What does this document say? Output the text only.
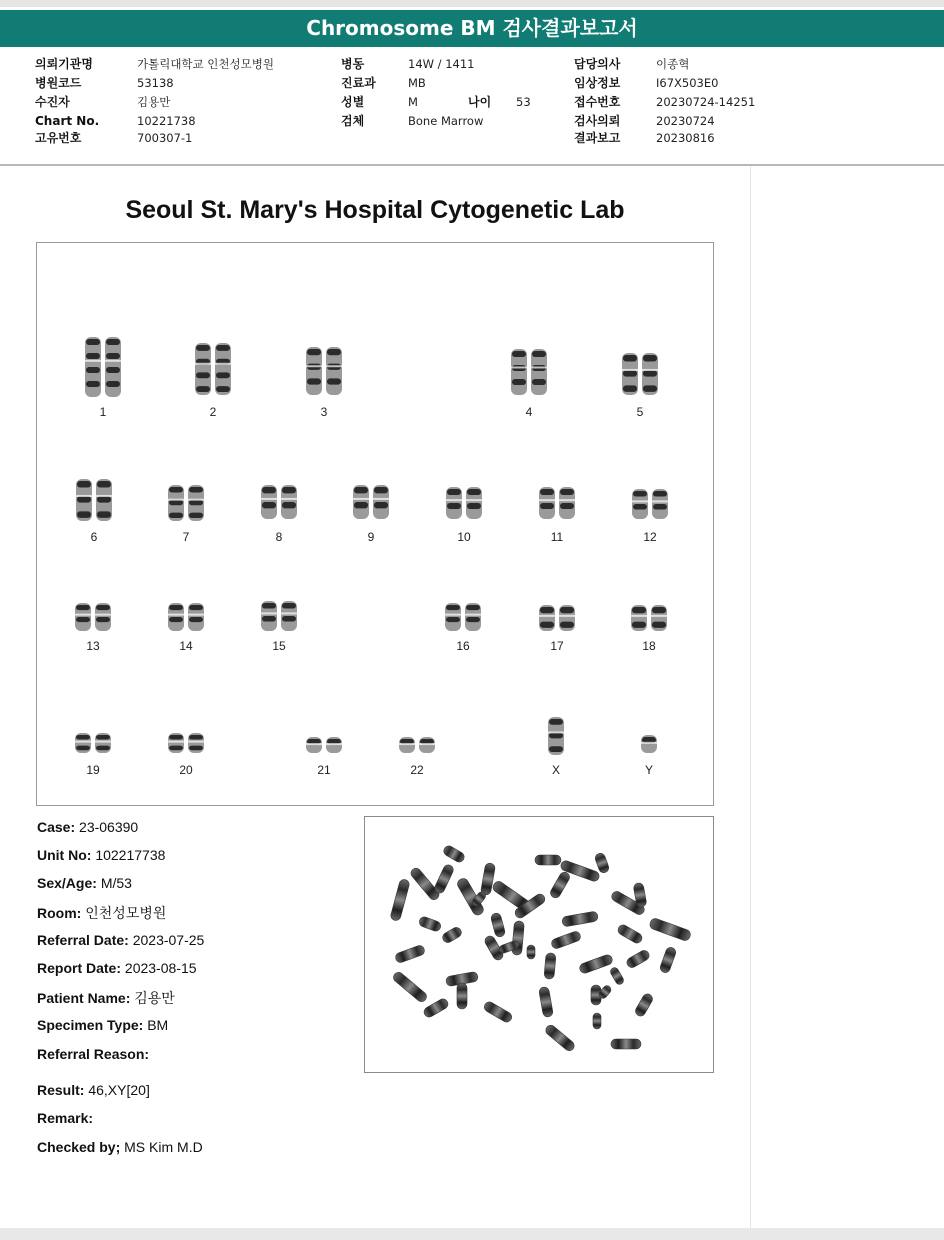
Chromosome BM 검사결과보고서
의뢰기관명	가톨릭대학교 인천성모병원
병원코드	53138
수진자	김용만
Chart No.	10221738
고유번호	700307-1
병동	14W / 1411
진료과	MB
성별	M	나이	53
검체	Bone Marrow
담당의사	이종혁
임상정보	I67X503E0
접수번호	20230724-14251
검사의뢰	20230724
결과보고	20230816
Seoul St. Mary's Hospital Cytogenetic Lab
1	2	3	4	5
6	7	8	9	10	11	12
13	14	15	16	17	18
19	20	21	22	X	Y
Case: 23-06390
Unit No: 102217738
Sex/Age: M/53
Room: 인천성모병원
Referral Date: 2023-07-25
Report Date: 2023-08-15
Patient Name: 김용만
Specimen Type: BM
Referral Reason:
Result: 46,XY[20]
Remark:
Checked by; MS Kim M.D
